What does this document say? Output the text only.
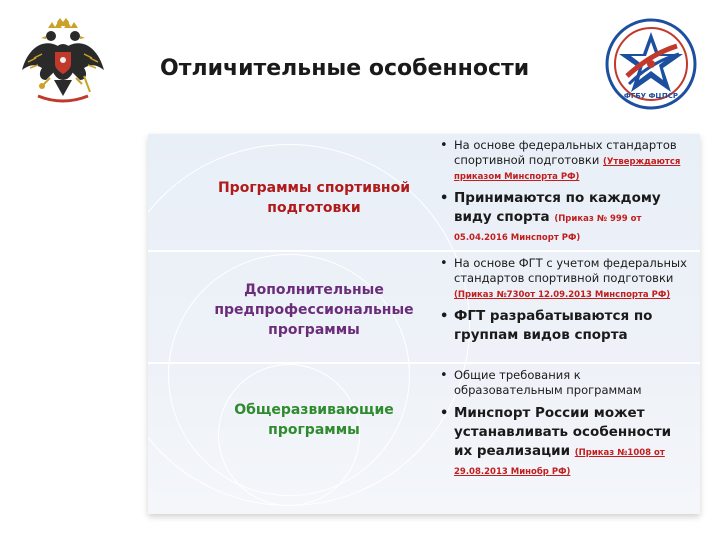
ФГБУ ФЦПСР
Отличительные особенности
Программы спортивной
подготовки
• На основе федеральных стандартов спортивной подготовки (Утверждаются приказом Минспорта РФ)
• Принимаются по каждому виду спорта (Приказ № 999 от 05.04.2016 Минспорт РФ)
Дополнительные
предпрофессиональные
программы
• На основе ФГТ с учетом федеральных стандартов спортивной подготовки (Приказ №730от 12.09.2013 Минспорта РФ)
• ФГТ разрабатываются по группам видов спорта
Общеразвивающие
программы
• Общие требования к образовательным программам
• Минспорт России может устанавливать особенности их реализации (Приказ №1008 от 29.08.2013 Минобр РФ)
